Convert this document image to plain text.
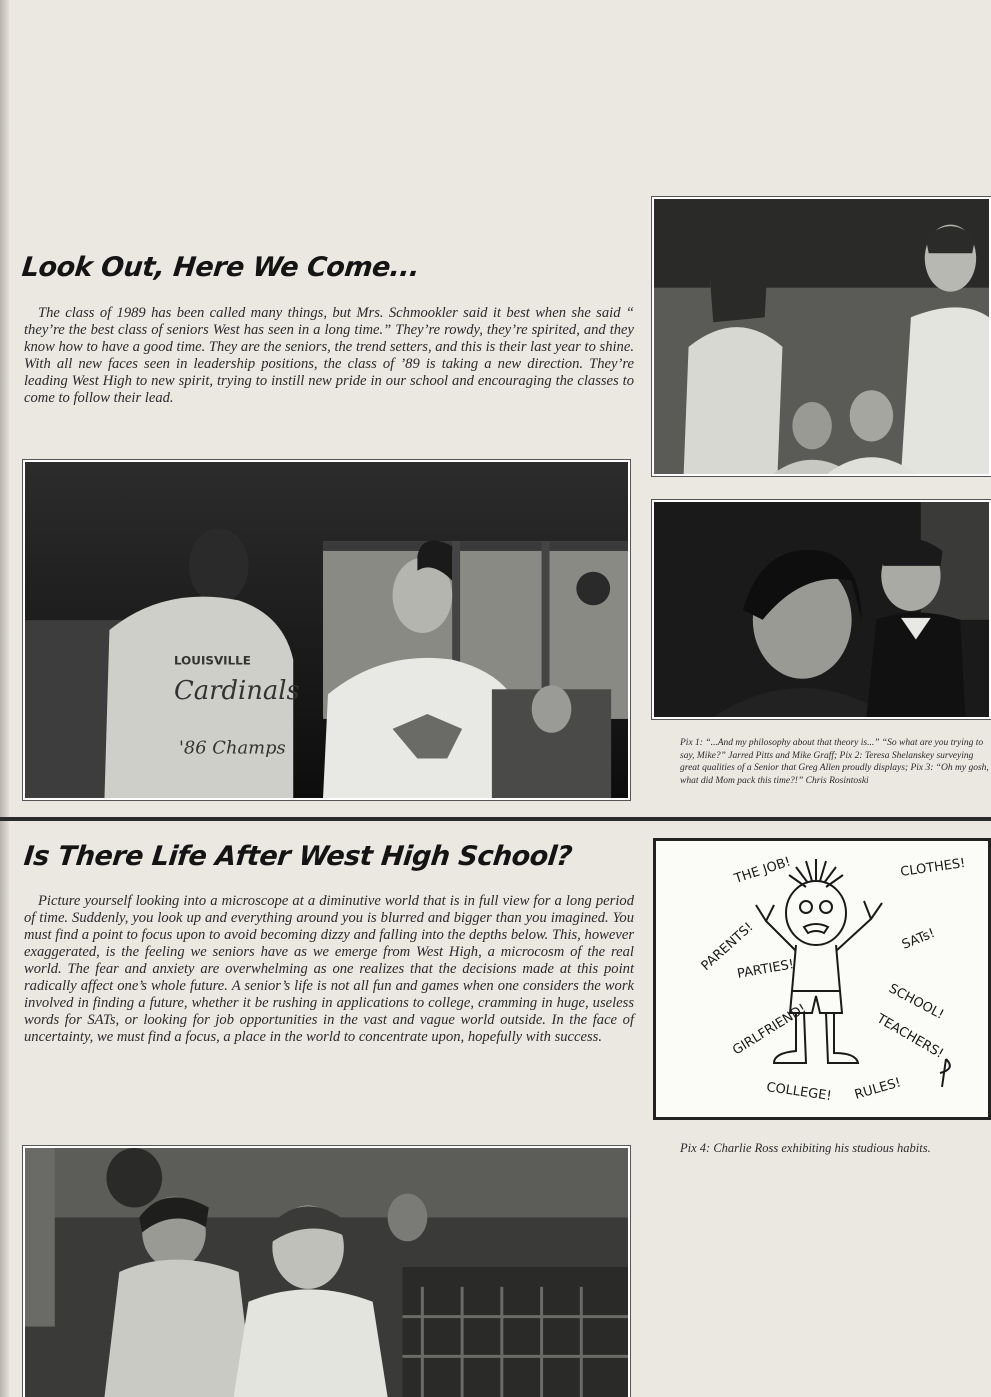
Look Out, Here We Come...

The class of 1989 has been called many things, but Mrs. Schmookler said it best when she said “ they’re the best class of seniors West has seen in a long time.” They’re rowdy, they’re spirited, and they know how to have a good time. They are the seniors, the trend setters, and this is their last year to shine. With all new faces seen in leadership positions, the class of ’89 is taking a new direction. They’re leading West High to new spirit, trying to instill new pride in our school and encouraging the classes to come to follow their lead.

LOUISVILLE
Cardinals
'86 Champs	Pix 1: “...And my philosophy about that theory is...” “So what are you trying to say, Mike?” Jarred Pitts and Mike Graff; Pix 2: Teresa Shelanskey surveying great qualities of a Senior that Greg Allen proudly displays; Pix 3: “Oh my gosh, what did Mom pack this time?!” Chris Rosintoski
Is There Life After West High School?

Picture yourself looking into a microscope at a diminutive world that is in full view for a long period of time. Suddenly, you look up and everything around you is blurred and bigger than you imagined. You must find a point to focus upon to avoid becoming dizzy and falling into the depths below. This, however exaggerated, is the feeling we seniors have as we emerge from West High, a microcosm of the real world. The fear and anxiety are overwhelming as one realizes that the decisions made at this point radically affect one’s whole future. A senior’s life is not all fun and games when one considers the work involved in finding a future, whether it be rushing in applications to college, cramming in huge, useless words for SATs, or looking for job opportunities in the vast and vague world outside. In the face of uncertainty, we must find a focus, a place in the world to concentrate upon, hopefully with success.

THE JOB!	CLOTHES!
PARENTS!
PARTIES!
SATs!
SCHOOL!
GIRLFRIEND!	TEACHERS!
COLLEGE! RULES!
Pix 4: Charlie Ross exhibiting his studious habits.
